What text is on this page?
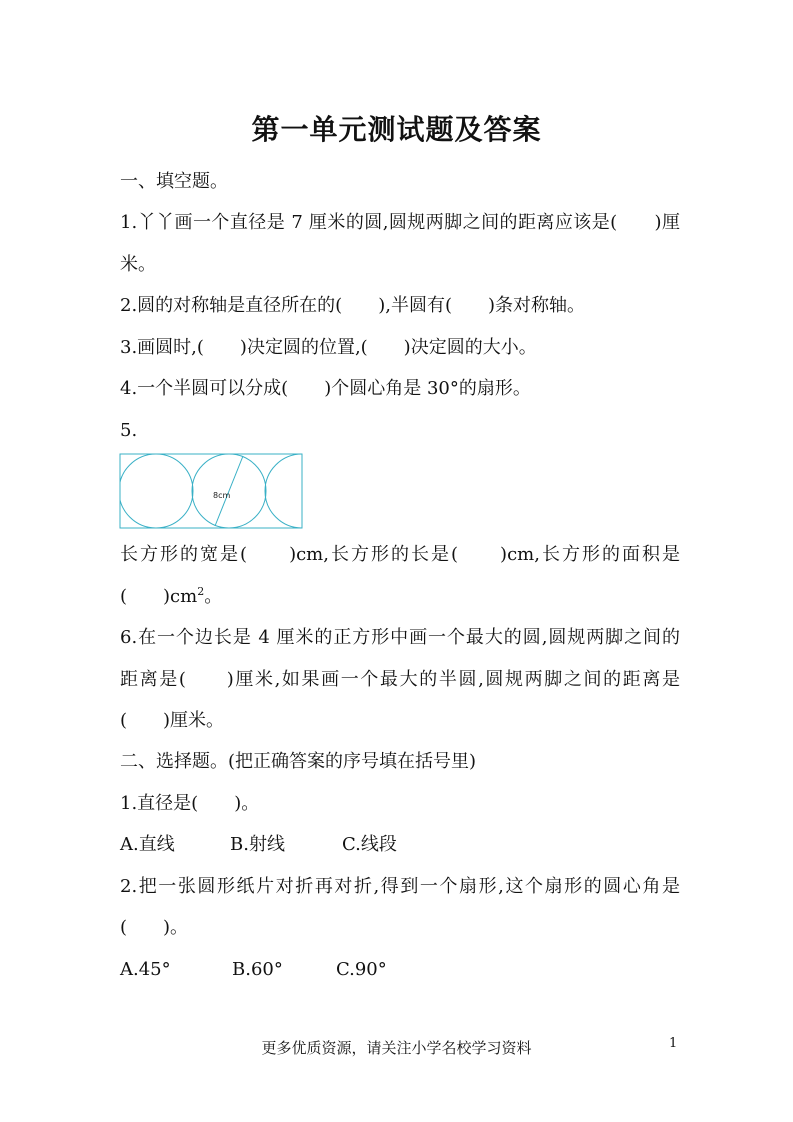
第一单元测试题及答案
一、填空题。
1.丫丫画一个直径是 7 厘米的圆,圆规两脚之间的距离应该是(　　)厘
米。
2.圆的对称轴是直径所在的(　　),半圆有(　　)条对称轴。
3.画圆时,(　　)决定圆的位置,(　　)决定圆的大小。
4.一个半圆可以分成(　　)个圆心角是 30°的扇形。
5.
8cm
长方形的宽是(　　)cm,长方形的长是(　　)cm,长方形的面积是
(　　)$cm^2$。
6.在一个边长是 4 厘米的正方形中画一个最大的圆,圆规两脚之间的
距离是(　　)厘米,如果画一个最大的半圆,圆规两脚之间的距离是
(　　)厘米。
二、选择题。(把正确答案的序号填在括号里)
1.直径是(　　)。
A.直线	B.射线	C.线段
2.把一张圆形纸片对折再对折,得到一个扇形,这个扇形的圆心角是
(　　)。
A.45°	B.60°	C.90°
更多优质资源，请关注小学名校学习资料	1
